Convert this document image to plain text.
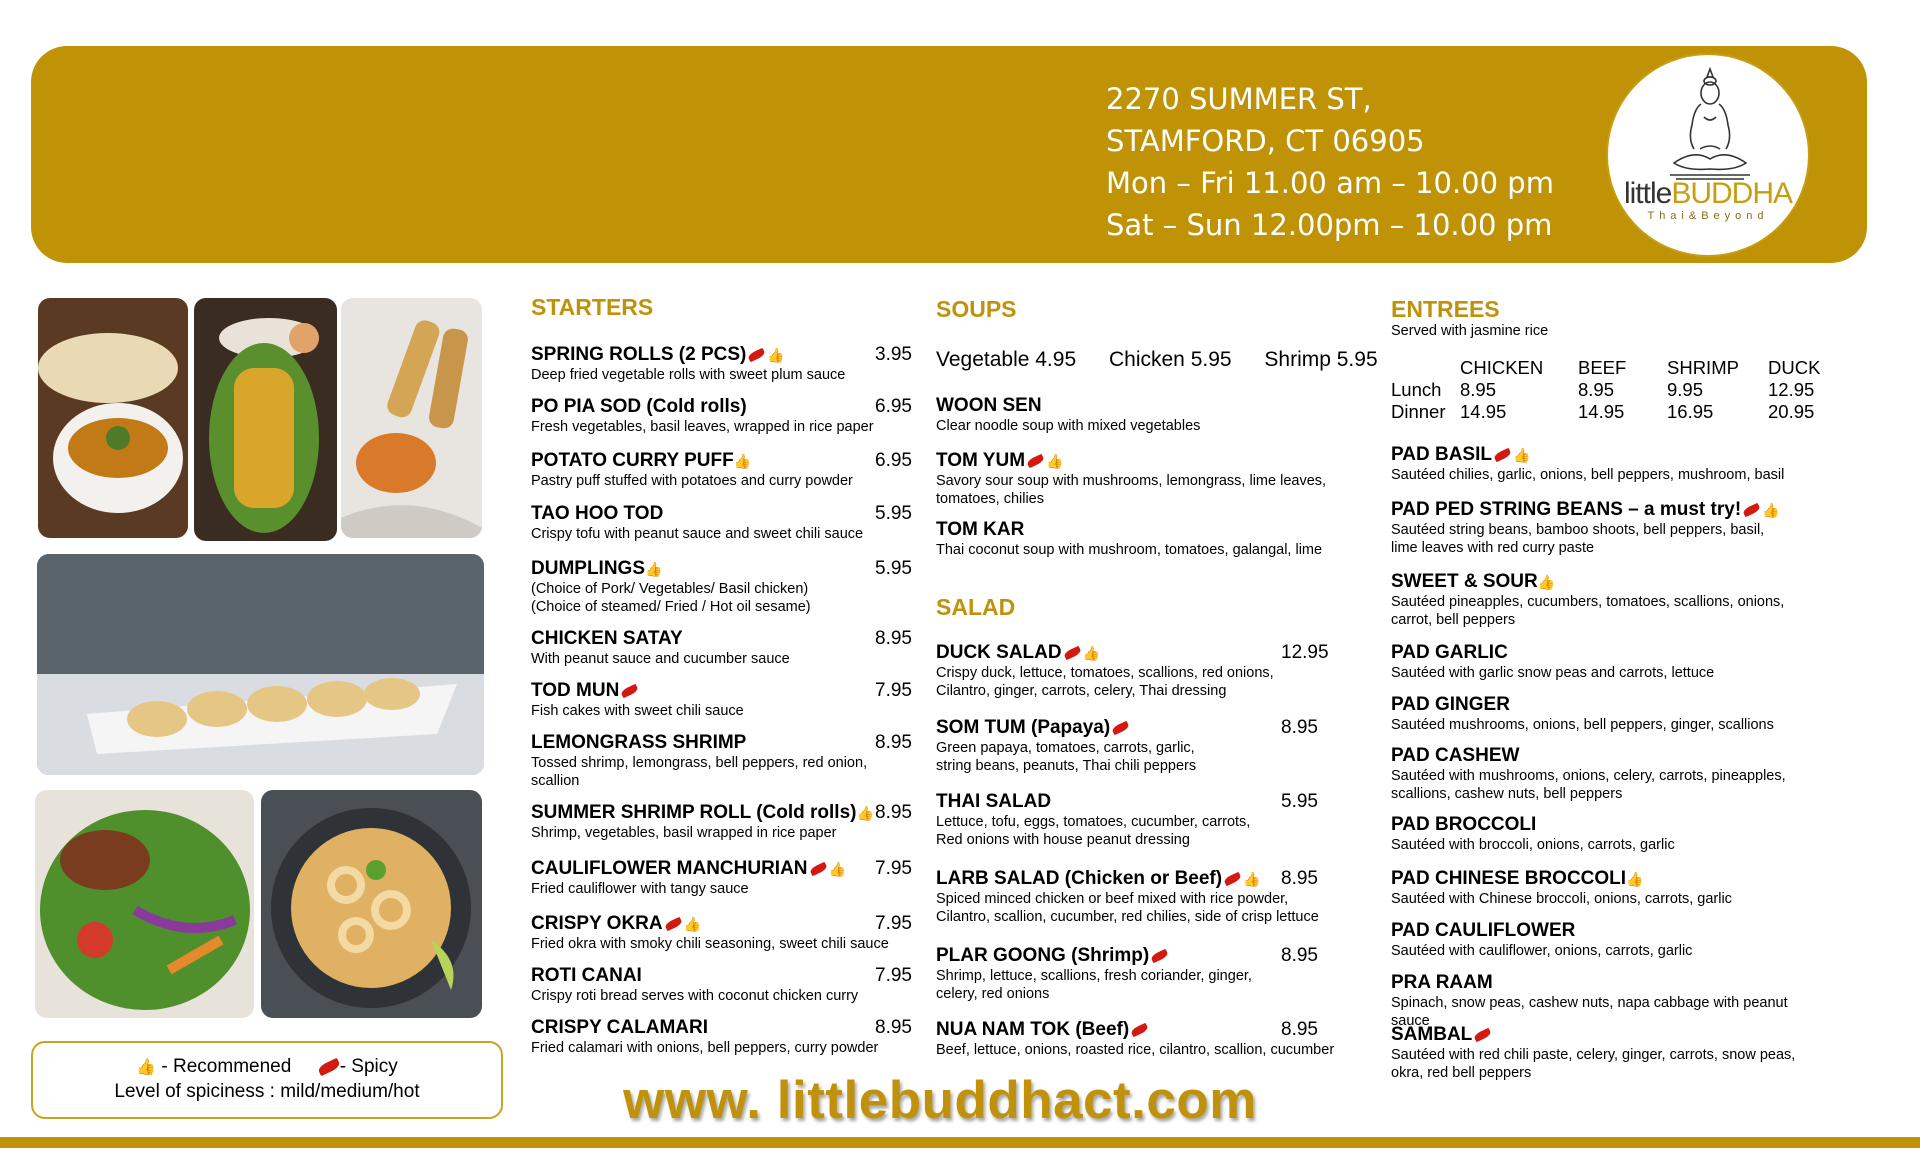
2270 SUMMER ST,
STAMFORD, CT 06905
Mon – Fri 11.00 am – 10.00 pm
Sat – Sun 12.00pm – 10.00 pm
littleBUDDHA
Thai&Beyond
👍 - Recommened	- Spicy
Level of spiciness : mild/medium/hot
STARTERS
SPRING ROLLS (2 PCS) 👍	3.95
Deep fried vegetable rolls with sweet plum sauce
PO PIA SOD (Cold rolls)	6.95
Fresh vegetables, basil leaves, wrapped in rice paper
POTATO CURRY PUFF👍	6.95
Pastry puff stuffed with potatoes and curry powder
TAO HOO TOD	5.95
Crispy tofu with peanut sauce and sweet chili sauce
DUMPLINGS👍	5.95
(Choice of Pork/ Vegetables/ Basil chicken)
(Choice of steamed/ Fried / Hot oil sesame)
CHICKEN SATAY	8.95
With peanut sauce and cucumber sauce
TOD MUN	7.95
Fish cakes with sweet chili sauce
LEMONGRASS SHRIMP	8.95
Tossed shrimp, lemongrass, bell peppers, red onion,
scallion
SUMMER SHRIMP ROLL (Cold rolls)👍 8.95
Shrimp, vegetables, basil wrapped in rice paper
CAULIFLOWER MANCHURIAN 👍	7.95
Fried cauliflower with tangy sauce
CRISPY OKRA 👍	7.95
Fried okra with smoky chili seasoning, sweet chili sauce
ROTI CANAI	7.95
Crispy roti bread serves with coconut chicken curry
CRISPY CALAMARI	8.95
Fried calamari with onions, bell peppers, curry powder
SOUPS
Vegetable 4.95 Chicken 5.95 Shrimp 5.95
WOON SEN
Clear noodle soup with mixed vegetables
TOM YUM 👍
Savory sour soup with mushrooms, lemongrass, lime leaves,
tomatoes, chilies
TOM KAR
Thai coconut soup with mushroom, tomatoes, galangal, lime
SALAD
DUCK SALAD 👍	12.95
Crispy duck, lettuce, tomatoes, scallions, red onions,
Cilantro, ginger, carrots, celery, Thai dressing
SOM TUM (Papaya)	8.95
Green papaya, tomatoes, carrots, garlic,
string beans, peanuts, Thai chili peppers
THAI SALAD	5.95
Lettuce, tofu, eggs, tomatoes, cucumber, carrots,
Red onions with house peanut dressing
LARB SALAD (Chicken or Beef) 👍	8.95
Spiced minced chicken or beef mixed with rice powder,
Cilantro, scallion, cucumber, red chilies, side of crisp lettuce
PLAR GOONG (Shrimp)	8.95
Shrimp, lettuce, scallions, fresh coriander, ginger,
celery, red onions
NUA NAM TOK (Beef)	8.95
Beef, lettuce, onions, roasted rice, cilantro, scallion, cucumber
ENTREES
Served with jasmine rice
	CHICKEN	BEEF	SHRIMP	DUCK
Lunch	8.95	8.95	9.95	12.95
Dinner	14.95	14.95	16.95	20.95
PAD BASIL 👍
Sautéed chilies, garlic, onions, bell peppers, mushroom, basil
PAD PED STRING BEANS – a must try! 👍
Sautéed string beans, bamboo shoots, bell peppers, basil,
lime leaves with red curry paste
SWEET & SOUR👍
Sautéed pineapples, cucumbers, tomatoes, scallions, onions,
carrot, bell peppers
PAD GARLIC
Sautéed with garlic snow peas and carrots, lettuce
PAD GINGER
Sautéed mushrooms, onions, bell peppers, ginger, scallions
PAD CASHEW
Sautéed with mushrooms, onions, celery, carrots, pineapples,
scallions, cashew nuts, bell peppers
PAD BROCCOLI
Sautéed with broccoli, onions, carrots, garlic
PAD CHINESE BROCCOLI👍
Sautéed with Chinese broccoli, onions, carrots, garlic
PAD CAULIFLOWER
Sautéed with cauliflower, onions, carrots, garlic
PRA RAAM
Spinach, snow peas, cashew nuts, napa cabbage with peanut sauce
SAMBAL
Sautéed with red chili paste, celery, ginger, carrots, snow peas,
okra, red bell peppers
www. littlebuddhact.com
